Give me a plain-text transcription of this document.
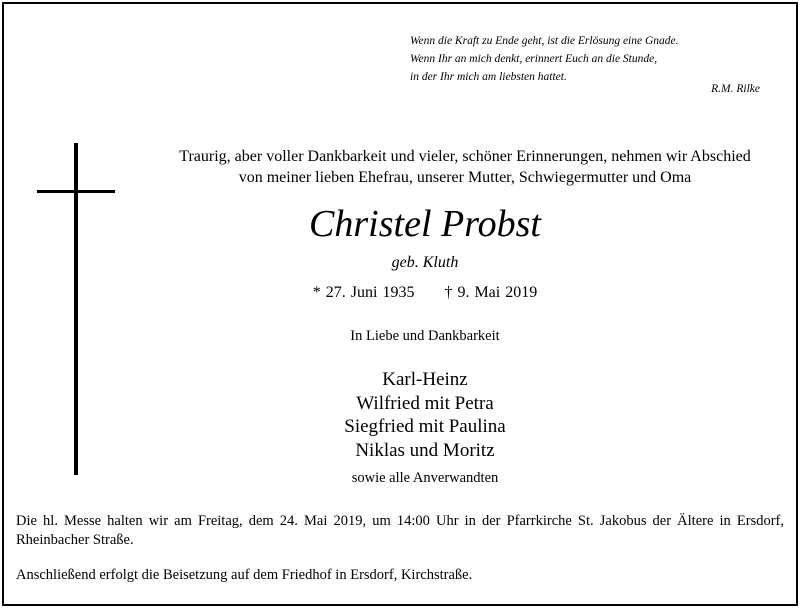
Wenn die Kraft zu Ende geht, ist die Erlösung eine Gnade.
Wenn Ihr an mich denkt, erinnert Euch an die Stunde,
in der Ihr mich am liebsten hattet.
R.M. Rilke
Traurig, aber voller Dankbarkeit und vieler, schöner Erinnerungen, nehmen wir Abschied
von meiner lieben Ehefrau, unserer Mutter, Schwiegermutter und Oma
Christel Probst
geb. Kluth
* 27. Juni 1935 † 9. Mai 2019
In Liebe und Dankbarkeit
Karl-Heinz
Wilfried mit Petra
Siegfried mit Paulina
Niklas und Moritz
sowie alle Anverwandten
Die hl. Messe halten wir am Freitag, dem 24. Mai 2019, um 14:00 Uhr in der Pfarrkirche St. Jakobus der Ältere in Ersdorf, Rheinbacher Straße.
Anschließend erfolgt die Beisetzung auf dem Friedhof in Ersdorf, Kirchstraße.
